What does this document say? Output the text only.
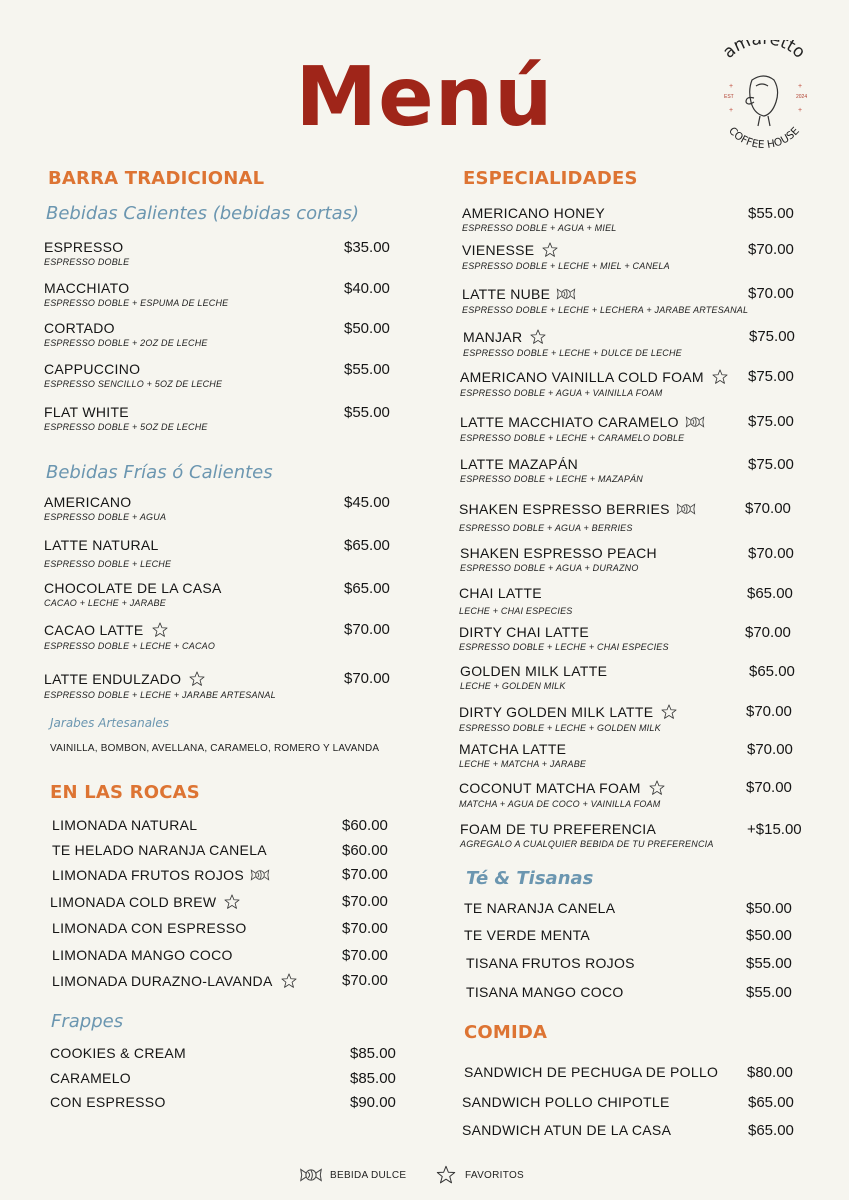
Menú	am etto
COFFEE HOUSE
EST	2024
+	+
+	+
BARRA TRADICIONAL
Bebidas Calientes (bebidas cortas)
ESPRESSO
ESPRESSO DOBLE
$35.00
MACCHIATO
ESPRESSO DOBLE + ESPUMA DE LECHE
$40.00
CORTADO
ESPRESSO DOBLE + 2OZ DE LECHE
$50.00
CAPPUCCINO
ESPRESSO SENCILLO + 5OZ DE LECHE
$55.00
FLAT WHITE
ESPRESSO DOBLE + 5OZ DE LECHE
$55.00
Bebidas Frías ó Calientes
AMERICANO
ESPRESSO DOBLE + AGUA
$45.00
LATTE NATURAL
ESPRESSO DOBLE + LECHE
$65.00
CHOCOLATE DE LA CASA
CACAO + LECHE + JARABE
$65.00
CACAO LATTE
ESPRESSO DOBLE + LECHE + CACAO
$70.00
LATTE ENDULZADO
ESPRESSO DOBLE + LECHE + JARABE ARTESANAL
$70.00
Jarabes Artesanales
VAINILLA, BOMBON, AVELLANA, CARAMELO, ROMERO Y LAVANDA
EN LAS ROCAS
LIMONADA NATURAL	$60.00
TE HELADO NARANJA CANELA	$60.00
LIMONADA FRUTOS ROJOS	$70.00
LIMONADA COLD BREW	$70.00
LIMONADA CON ESPRESSO	$70.00
LIMONADA MANGO COCO	$70.00
LIMONADA DURAZNO-LAVANDA	$70.00
Frappes
COOKIES & CREAM	$85.00
CARAMELO	$85.00
CON ESPRESSO	$90.00
ESPECIALIDADES
AMERICANO HONEY
ESPRESSO DOBLE + AGUA + MIEL
$55.00
VIENESSE
ESPRESSO DOBLE + LECHE + MIEL + CANELA
$70.00
LATTE NUBE
ESPRESSO DOBLE + LECHE + LECHERA + JARABE ARTESANAL
$70.00
MANJAR
ESPRESSO DOBLE + LECHE + DULCE DE LECHE
$75.00
AMERICANO VAINILLA COLD FOAM
ESPRESSO DOBLE + AGUA + VAINILLA FOAM
$75.00
LATTE MACCHIATO CARAMELO
ESPRESSO DOBLE + LECHE + CARAMELO DOBLE
$75.00
LATTE MAZAPÁN
ESPRESSO DOBLE + LECHE + MAZAPÁN
$75.00
SHAKEN ESPRESSO BERRIES
ESPRESSO DOBLE + AGUA + BERRIES
$70.00
SHAKEN ESPRESSO PEACH
ESPRESSO DOBLE + AGUA + DURAZNO
$70.00
CHAI LATTE
LECHE + CHAI ESPECIES
$65.00
DIRTY CHAI LATTE
ESPRESSO DOBLE + LECHE + CHAI ESPECIES
$70.00
GOLDEN MILK LATTE
LECHE + GOLDEN MILK
$65.00
DIRTY GOLDEN MILK LATTE
ESPRESSO DOBLE + LECHE + GOLDEN MILK
$70.00
MATCHA LATTE
LECHE + MATCHA + JARABE
$70.00
COCONUT MATCHA FOAM
MATCHA + AGUA DE COCO + VAINILLA FOAM
$70.00
FOAM DE TU PREFERENCIA
AGREGALO A CUALQUIER BEBIDA DE TU PREFERENCIA
+$15.00
Té & Tisanas
TE NARANJA CANELA	$50.00
TE VERDE MENTA	$50.00
TISANA FRUTOS ROJOS	$55.00
TISANA MANGO COCO	$55.00
COMIDA
SANDWICH DE PECHUGA DE POLLO $80.00
SANDWICH POLLO CHIPOTLE	$65.00
SANDWICH ATUN DE LA CASA	$65.00
BEBIDA DULCE	FAVORITOS
